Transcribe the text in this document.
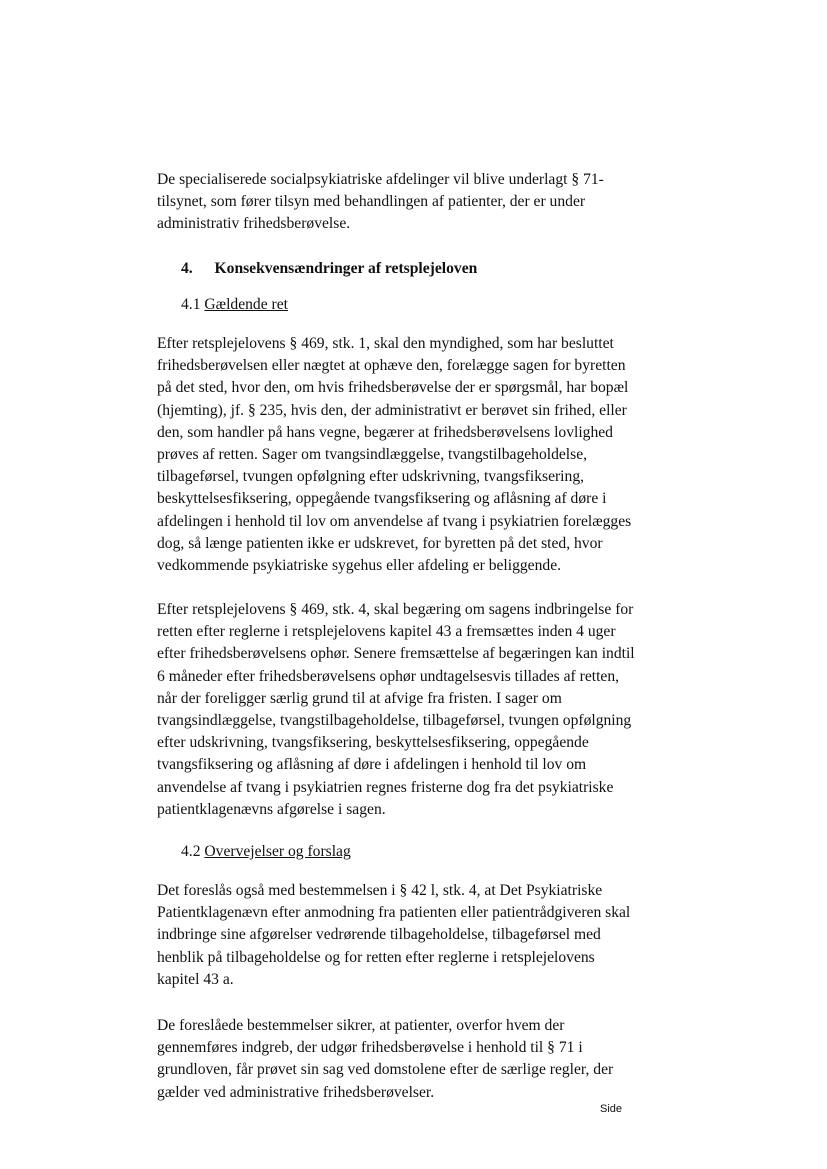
De specialiserede socialpsykiatriske afdelinger vil blive underlagt § 71-
tilsynet, som fører tilsyn med behandlingen af patienter, der er under
administrativ frihedsberøvelse.
4. Konsekvensændringer af retsplejeloven
4.1 Gældende ret
Efter retsplejelovens § 469, stk. 1, skal den myndighed, som har besluttet
frihedsberøvelsen eller nægtet at ophæve den, forelægge sagen for byretten
på det sted, hvor den, om hvis frihedsberøvelse der er spørgsmål, har bopæl
(hjemting), jf. § 235, hvis den, der administrativt er berøvet sin frihed, eller
den, som handler på hans vegne, begærer at frihedsberøvelsens lovlighed
prøves af retten. Sager om tvangsindlæggelse, tvangstilbageholdelse,
tilbageførsel, tvungen opfølgning efter udskrivning, tvangsfiksering,
beskyttelsesfiksering, oppegående tvangsfiksering og aflåsning af døre i
afdelingen i henhold til lov om anvendelse af tvang i psykiatrien forelægges
dog, så længe patienten ikke er udskrevet, for byretten på det sted, hvor
vedkommende psykiatriske sygehus eller afdeling er beliggende.
Efter retsplejelovens § 469, stk. 4, skal begæring om sagens indbringelse for
retten efter reglerne i retsplejelovens kapitel 43 a fremsættes inden 4 uger
efter frihedsberøvelsens ophør. Senere fremsættelse af begæringen kan indtil
6 måneder efter frihedsberøvelsens ophør undtagelsesvis tillades af retten,
når der foreligger særlig grund til at afvige fra fristen. I sager om
tvangsindlæggelse, tvangstilbageholdelse, tilbageførsel, tvungen opfølgning
efter udskrivning, tvangsfiksering, beskyttelsesfiksering, oppegående
tvangsfiksering og aflåsning af døre i afdelingen i henhold til lov om
anvendelse af tvang i psykiatrien regnes fristerne dog fra det psykiatriske
patientklagenævns afgørelse i sagen.
4.2 Overvejelser og forslag
Det foreslås også med bestemmelsen i § 42 l, stk. 4, at Det Psykiatriske
Patientklagenævn efter anmodning fra patienten eller patientrådgiveren skal
indbringe sine afgørelser vedrørende tilbageholdelse, tilbageførsel med
henblik på tilbageholdelse og for retten efter reglerne i retsplejelovens
kapitel 43 a.
De foreslåede bestemmelser sikrer, at patienter, overfor hvem der
gennemføres indgreb, der udgør frihedsberøvelse i henhold til § 71 i
grundloven, får prøvet sin sag ved domstolene efter de særlige regler, der
gælder ved administrative frihedsberøvelser.
Side
